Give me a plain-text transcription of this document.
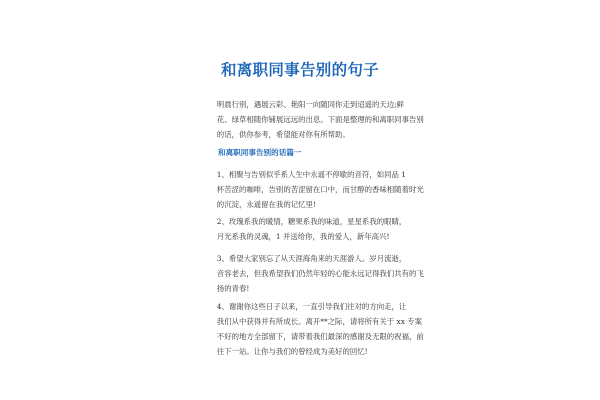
和离职同事告别的句子
明晨行别，遇展云彩、艳阳一向随同你走到迢遥的天边;鲜
花、绿草相随你铺展远远的出息。下面是整理的和离职同事告别
的话，供你参考，希望能对你有所帮助。
和离职同事告别的话篇一
1、相聚与告别似乎系人生中永遥不停歇的音符，如同品 1
杯苦涩的咖啡，告别的苦涩留在口中，而甘醇的香味相随着时光
的沉淀，永遥留在我的记忆里!
2、玫瑰系我的暖情，糖果系我的味道，星星系我的眼睛，
月光系我的灵魂，1 并送给你，我的爱人，新年高兴!
3、希望大家别忘了从天涯海角来的天涯游人。岁月流逝，
音容老去，但我希望我们仍然年轻的心能永远记得我们共有的飞
扬的青春!
4、谢谢你这些日子以来，一直引导我们往对的方向走，让
我们从中获得并有所成长。离开**之际，请将所有关于 xx 专案
不好的地方全部留下，请带着我们最深的感谢及无限的祝福，前
往下一站。让你与我们的曾经成为美好的回忆!
